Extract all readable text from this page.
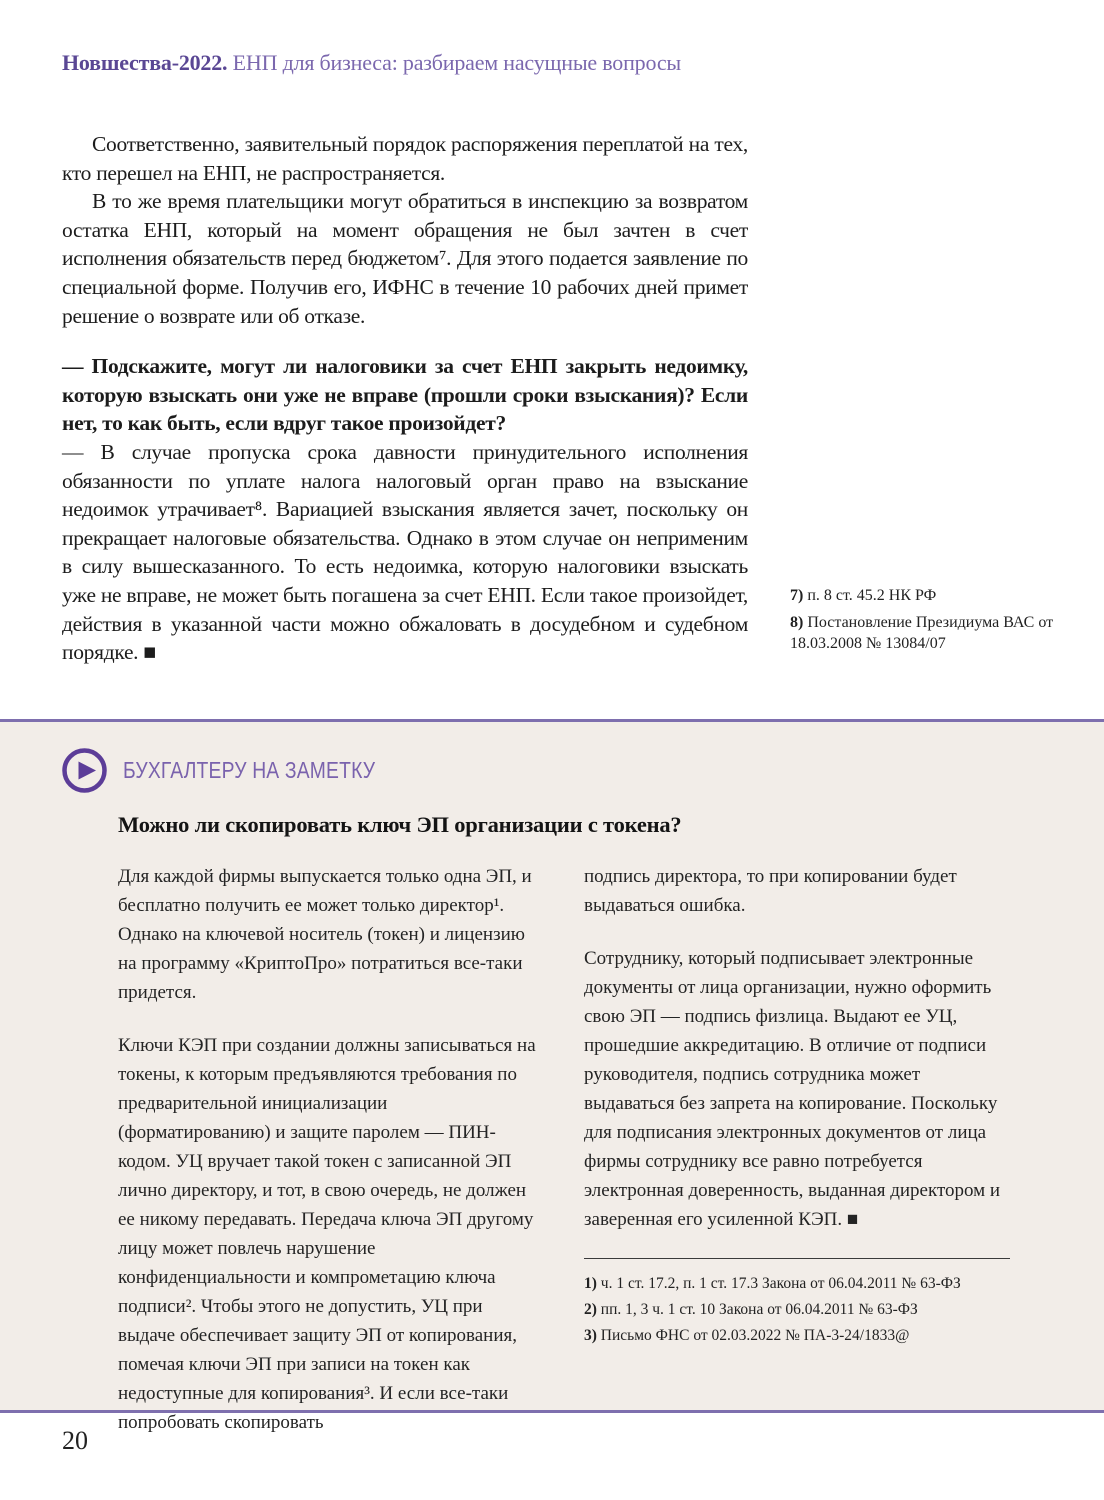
Новшества-2022. ЕНП для бизнеса: разбираем насущные вопросы

Соответственно, заявительный порядок распоряжения переплатой на тех, кто перешел на ЕНП, не распространяется.

В то же время плательщики могут обратиться в инспекцию за возвратом остатка ЕНП, который на момент обращения не был зачтен в счет исполнения обязательств перед бюджетом⁷. Для этого подается заявление по специальной форме. Получив его, ИФНС в течение 10 рабочих дней примет решение о возврате или об отказе.

— Подскажите, могут ли налоговики за счет ЕНП закрыть недоимку, которую взыскать они уже не вправе (прошли сроки взыскания)? Если нет, то как быть, если вдруг такое произойдет?

— В случае пропуска срока давности принудительного исполнения обязанности по уплате налога налоговый орган право на взыскание недоимок утрачивает⁸. Вариацией взыскания является зачет, поскольку он прекращает налоговые обязательства. Однако в этом случае он неприменим в силу вышесказанного. То есть недоимка, которую налоговики взыскать уже не вправе, не может быть погашена за счет ЕНП. Если такое произойдет, действия в указанной части можно обжаловать в досудебном и судебном порядке. ■

7) п. 8 ст. 45.2 НК РФ
8) Постановление Президиума ВАС от 18.03.2008 № 13084/07
БУХГАЛТЕРУ НА ЗАМЕТКУ
Можно ли скопировать ключ ЭП организации с токена?

Для каждой фирмы выпускается только одна ЭП, и бесплатно получить ее может только директор¹. Однако на ключевой носитель (токен) и лицензию на программу «КриптоПро» потратиться все-таки придется.

Ключи КЭП при создании должны записываться на токены, к которым предъявляются требования по предварительной инициализации (форматированию) и защите паролем — ПИН-кодом. УЦ вручает такой токен с записанной ЭП лично директору, и тот, в свою очередь, не должен ее никому передавать. Передача ключа ЭП другому лицу может повлечь нарушение конфиденциальности и компрометацию ключа подписи². Чтобы этого не допустить, УЦ при выдаче обеспечивает защиту ЭП от копирования, помечая ключи ЭП при записи на токен как недоступные для копирования³. И если все-таки попробовать скопировать

подпись директора, то при копировании будет выдаваться ошибка.

Сотруднику, который подписывает электронные документы от лица организации, нужно оформить свою ЭП — подпись физлица. Выдают ее УЦ, прошедшие аккредитацию. В отличие от подписи руководителя, подпись сотрудника может выдаваться без запрета на копирование. Поскольку для подписания электронных документов от лица фирмы сотруднику все равно потребуется электронная доверенность, выданная директором и заверенная его усиленной КЭП. ■

1) ч. 1 ст. 17.2, п. 1 ст. 17.3 Закона от 06.04.2011 № 63-ФЗ
2) пп. 1, 3 ч. 1 ст. 10 Закона от 06.04.2011 № 63-ФЗ
3) Письмо ФНС от 02.03.2022 № ПА-3-24/1833@
20
